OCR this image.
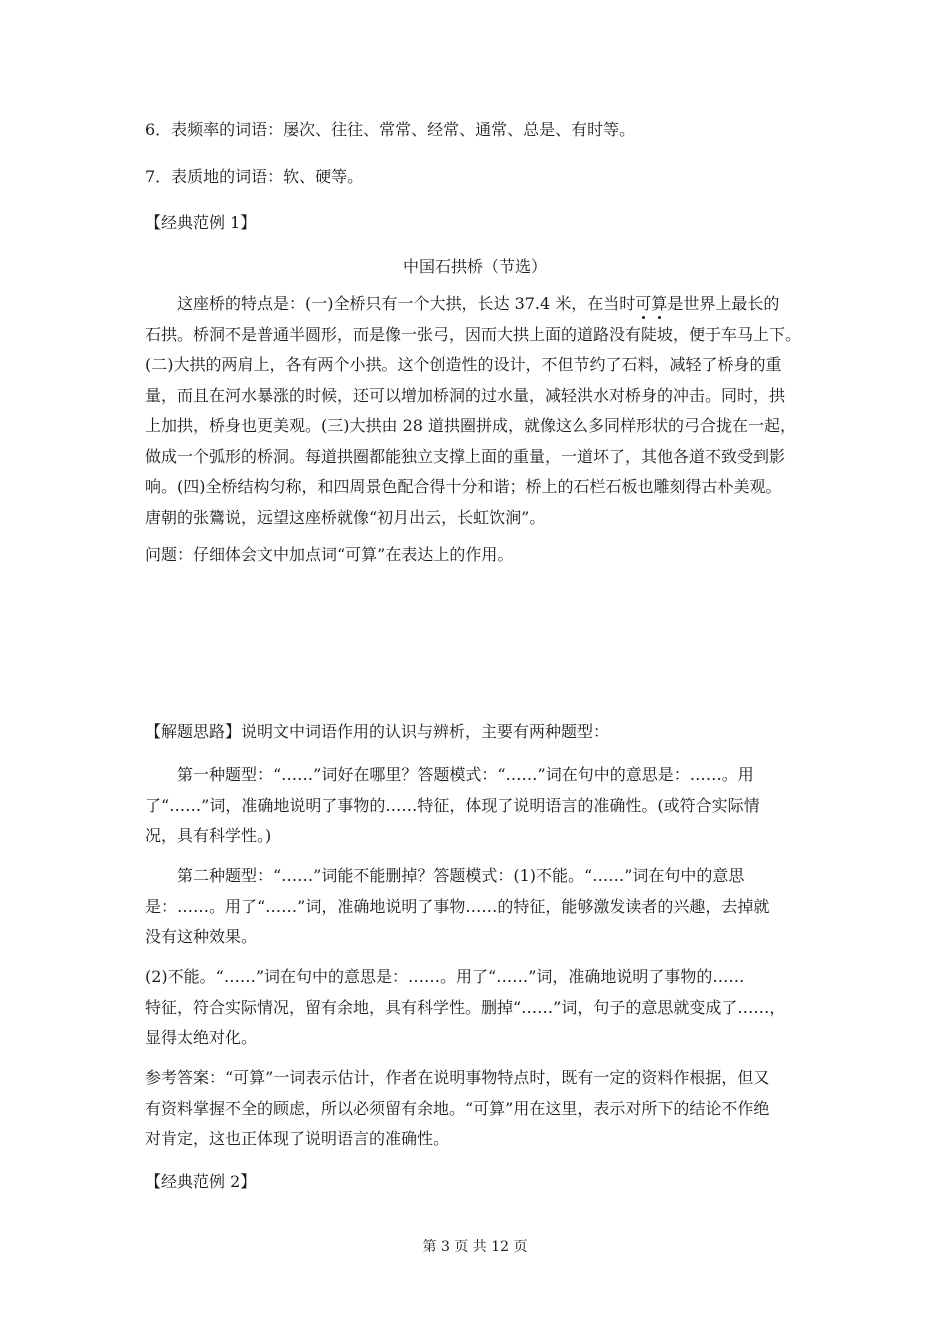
6．表频率的词语：屡次、往往、常常、经常、通常、总是、有时等。
7．表质地的词语：软、硬等。
【经典范例 1】
中国石拱桥（节选）
这座桥的特点是：(一)全桥只有一个大拱，长达 37.4 米，在当时可算是世界上最长的
石拱。桥洞不是普通半圆形，而是像一张弓，因而大拱上面的道路没有陡坡，便于车马上下。
(二)大拱的两肩上，各有两个小拱。这个创造性的设计，不但节约了石料，减轻了桥身的重
量，而且在河水暴涨的时候，还可以增加桥洞的过水量，减轻洪水对桥身的冲击。同时，拱
上加拱，桥身也更美观。(三)大拱由 28 道拱圈拼成，就像这么多同样形状的弓合拢在一起，
做成一个弧形的桥洞。每道拱圈都能独立支撑上面的重量，一道坏了，其他各道不致受到影
响。(四)全桥结构匀称，和四周景色配合得十分和谐；桥上的石栏石板也雕刻得古朴美观。
唐朝的张鷟说，远望这座桥就像“初月出云，长虹饮涧”。
问题：仔细体会文中加点词“可算”在表达上的作用。
【解题思路】说明文中词语作用的认识与辨析，主要有两种题型：
第一种题型：“……”词好在哪里？答题模式：“……”词在句中的意思是：……。用
了“……”词，准确地说明了事物的……特征，体现了说明语言的准确性。(或符合实际情
况，具有科学性。)
第二种题型：“……”词能不能删掉？答题模式：(1)不能。“……”词在句中的意思
是：……。用了“……”词，准确地说明了事物……的特征，能够激发读者的兴趣，去掉就
没有这种效果。
(2)不能。“……”词在句中的意思是：……。用了“……”词，准确地说明了事物的……
特征，符合实际情况，留有余地，具有科学性。删掉“……”词，句子的意思就变成了……，
显得太绝对化。
参考答案：“可算”一词表示估计，作者在说明事物特点时，既有一定的资料作根据，但又
有资料掌握不全的顾虑，所以必须留有余地。“可算”用在这里，表示对所下的结论不作绝
对肯定，这也正体现了说明语言的准确性。
【经典范例 2】
第 3 页 共 12 页
